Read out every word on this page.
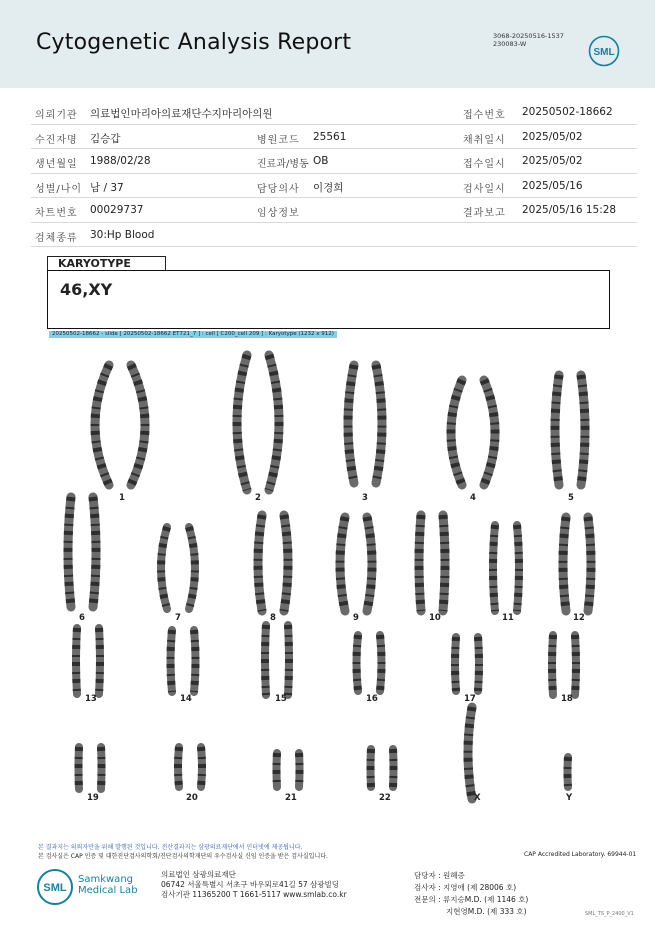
Cytogenetic Analysis Report	3068-20250516-1537
230083-W
SML
의뢰기관 의료법인마리아의료재단수지마리아의원	접수번호 20250502-18662
수진자명 김승갑	병원코드 25561	채취일시 2025/05/02
생년월일 1988/02/28	진료과/병동 OB	접수일시 2025/05/02
성별/나이 남 / 37	담당의사 이경희	검사일시 2025/05/16
차트번호 00029737	임상정보	결과보고 2025/05/16 15:28
검체종류 30:Hp Blood
KARYOTYPE
46,XY
20250502-18662 - slide [ 20250502-18662 ET721_7 ] : cell [ C200_cell 209 ] : Karyotype (1232 x 912)
1	2	3	4	5
6	7	8	9	10	11	12
13	14	15	16	17	18
19	20	21	22	X	Y
본 결과지는 의뢰자만을 위해 발행된 것입니다. 전산결과지는 삼광의료재단에서 인터넷에 제공됩니다.
본 검사실은 CAP 인증 및 대한진단검사의학회/진단검사의학재단의 우수검사실 신임 인증을 받은 검사실입니다.	CAP Accredited Laboratory. 69944-01
SML
Samkwang
Medical Lab
의료법인 삼광의료재단
06742 서울특별시 서초구 바우뫼로41길 57 삼광빌딩
검사기관 11365200 T 1661-5117 www.smlab.co.kr
담당자 : 원혜증
검사자 : 지영애 (제 28006 호)
전문의 : 류지승M.D. (제 1146 호)
지현영M.D. (제 333 호)	SML_TS_P_2400_V1
